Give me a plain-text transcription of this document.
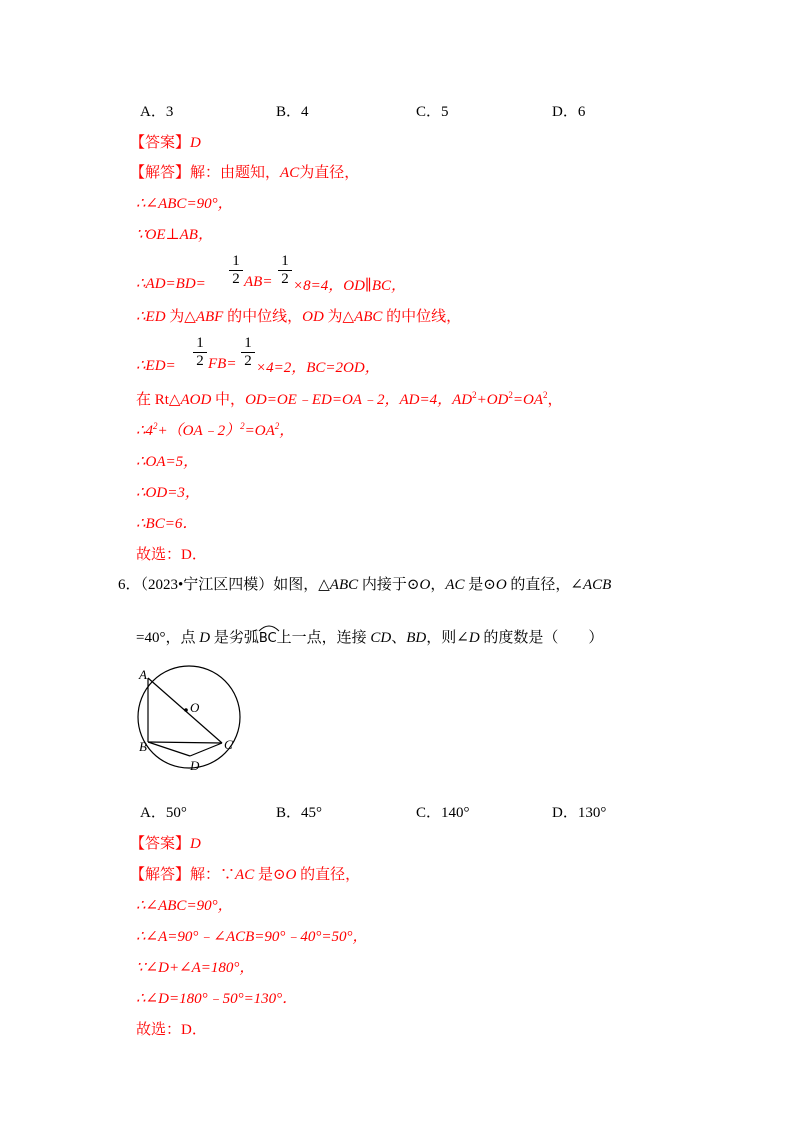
A．3	B．4	C．5	D．6
【答案】D
【解答】解：由题知，AC为直径，
∴∠ABC=90°，
∵OE⊥AB，
∴AD=BD=
1
2 AB=
1
2 ×8=4，OD∥BC，
∴ED 为△ABF 的中位线，OD 为△ABC 的中位线，
∴ED=
1
2 FB=
1
2 ×4=2，BC=2OD，
在 Rt△AOD 中，OD=OE﹣ED=OA﹣2，AD=4，$AD^2+OD^2=OA^2$，
$\therefore 4^2+(OA﹣2)^2=OA^2$，
∴OA=5，
∴OD=3，
∴BC=6．
故选：D．
6．（2023•宁江区四模）如图，△ABC 内接于⊙O，AC 是⊙O 的直径，∠ACB
=40°，点 D 是劣弧
BC上一点，连接 CD、BD，则∠D 的度数是（　　）
A
O
B	C
D
A．50°	B．45°	C．140°	D．130°
【答案】D
【解答】解：∵AC 是⊙O 的直径，
∴∠ABC=90°，
∴∠A=90°﹣∠ACB=90°﹣40°=50°，
∵∠D+∠A=180°，
∴∠D=180°﹣50°=130°．
故选：D．
